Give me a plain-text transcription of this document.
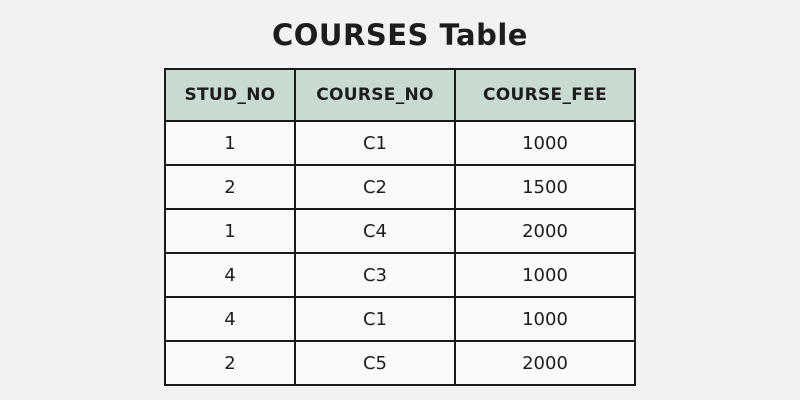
COURSES Table
STUD_NO	COURSE_NO	COURSE_FEE
1	C1	1000
2	C2	1500
1	C4	2000
4	C3	1000
4	C1	1000
2	C5	2000
